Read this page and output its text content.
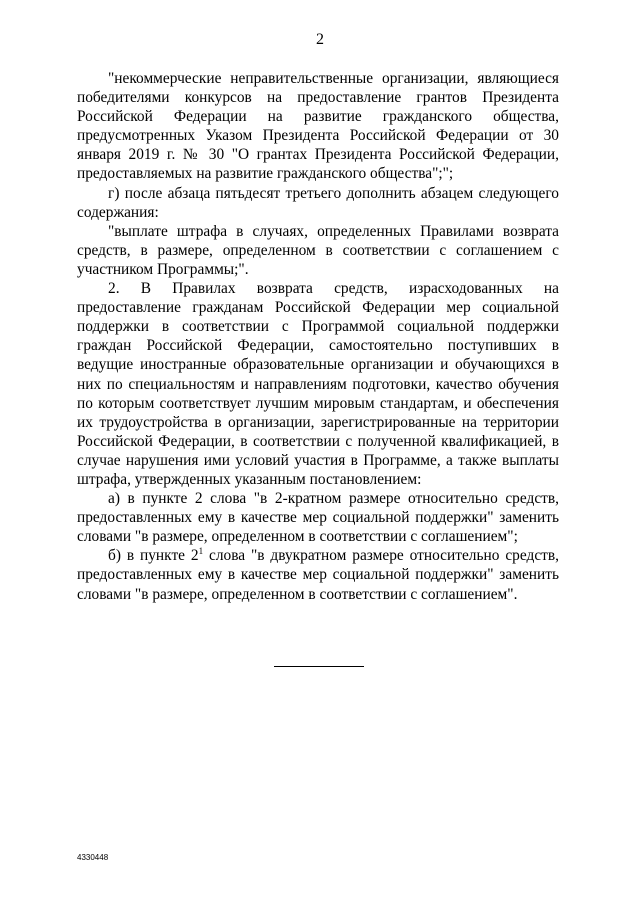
2

"некоммерческие неправительственные организации, являющиеся победителями конкурсов на предоставление грантов Президента Российской Федерации на развитие гражданского общества, предусмотренных Указом Президента Российской Федерации от 30 января 2019 г. № 30 "О грантах Президента Российской Федерации, предоставляемых на развитие гражданского общества";";

г) после абзаца пятьдесят третьего дополнить абзацем следующего содержания:

"выплате штрафа в случаях, определенных Правилами возврата средств, в размере, определенном в соответствии с соглашением с участником Программы;".

2. В Правилах возврата средств, израсходованных на предоставление гражданам Российской Федерации мер социальной поддержки в соответствии с Программой социальной поддержки граждан Российской Федерации, самостоятельно поступивших в ведущие иностранные образовательные организации и обучающихся в них по специальностям и направлениям подготовки, качество обучения по которым соответствует лучшим мировым стандартам, и обеспечения их трудоустройства в организации, зарегистрированные на территории Российской Федерации, в соответствии с полученной квалификацией, в случае нарушения ими условий участия в Программе, а также выплаты штрафа, утвержденных указанным постановлением:

а) в пункте 2 слова "в 2-кратном размере относительно средств, предоставленных ему в качестве мер социальной поддержки" заменить словами "в размере, определенном в соответствии с соглашением";

б) в пункте $2^1$ слова "в двукратном размере относительно средств, предоставленных ему в качестве мер социальной поддержки" заменить словами "в размере, определенном в соответствии с соглашением".

4330448
